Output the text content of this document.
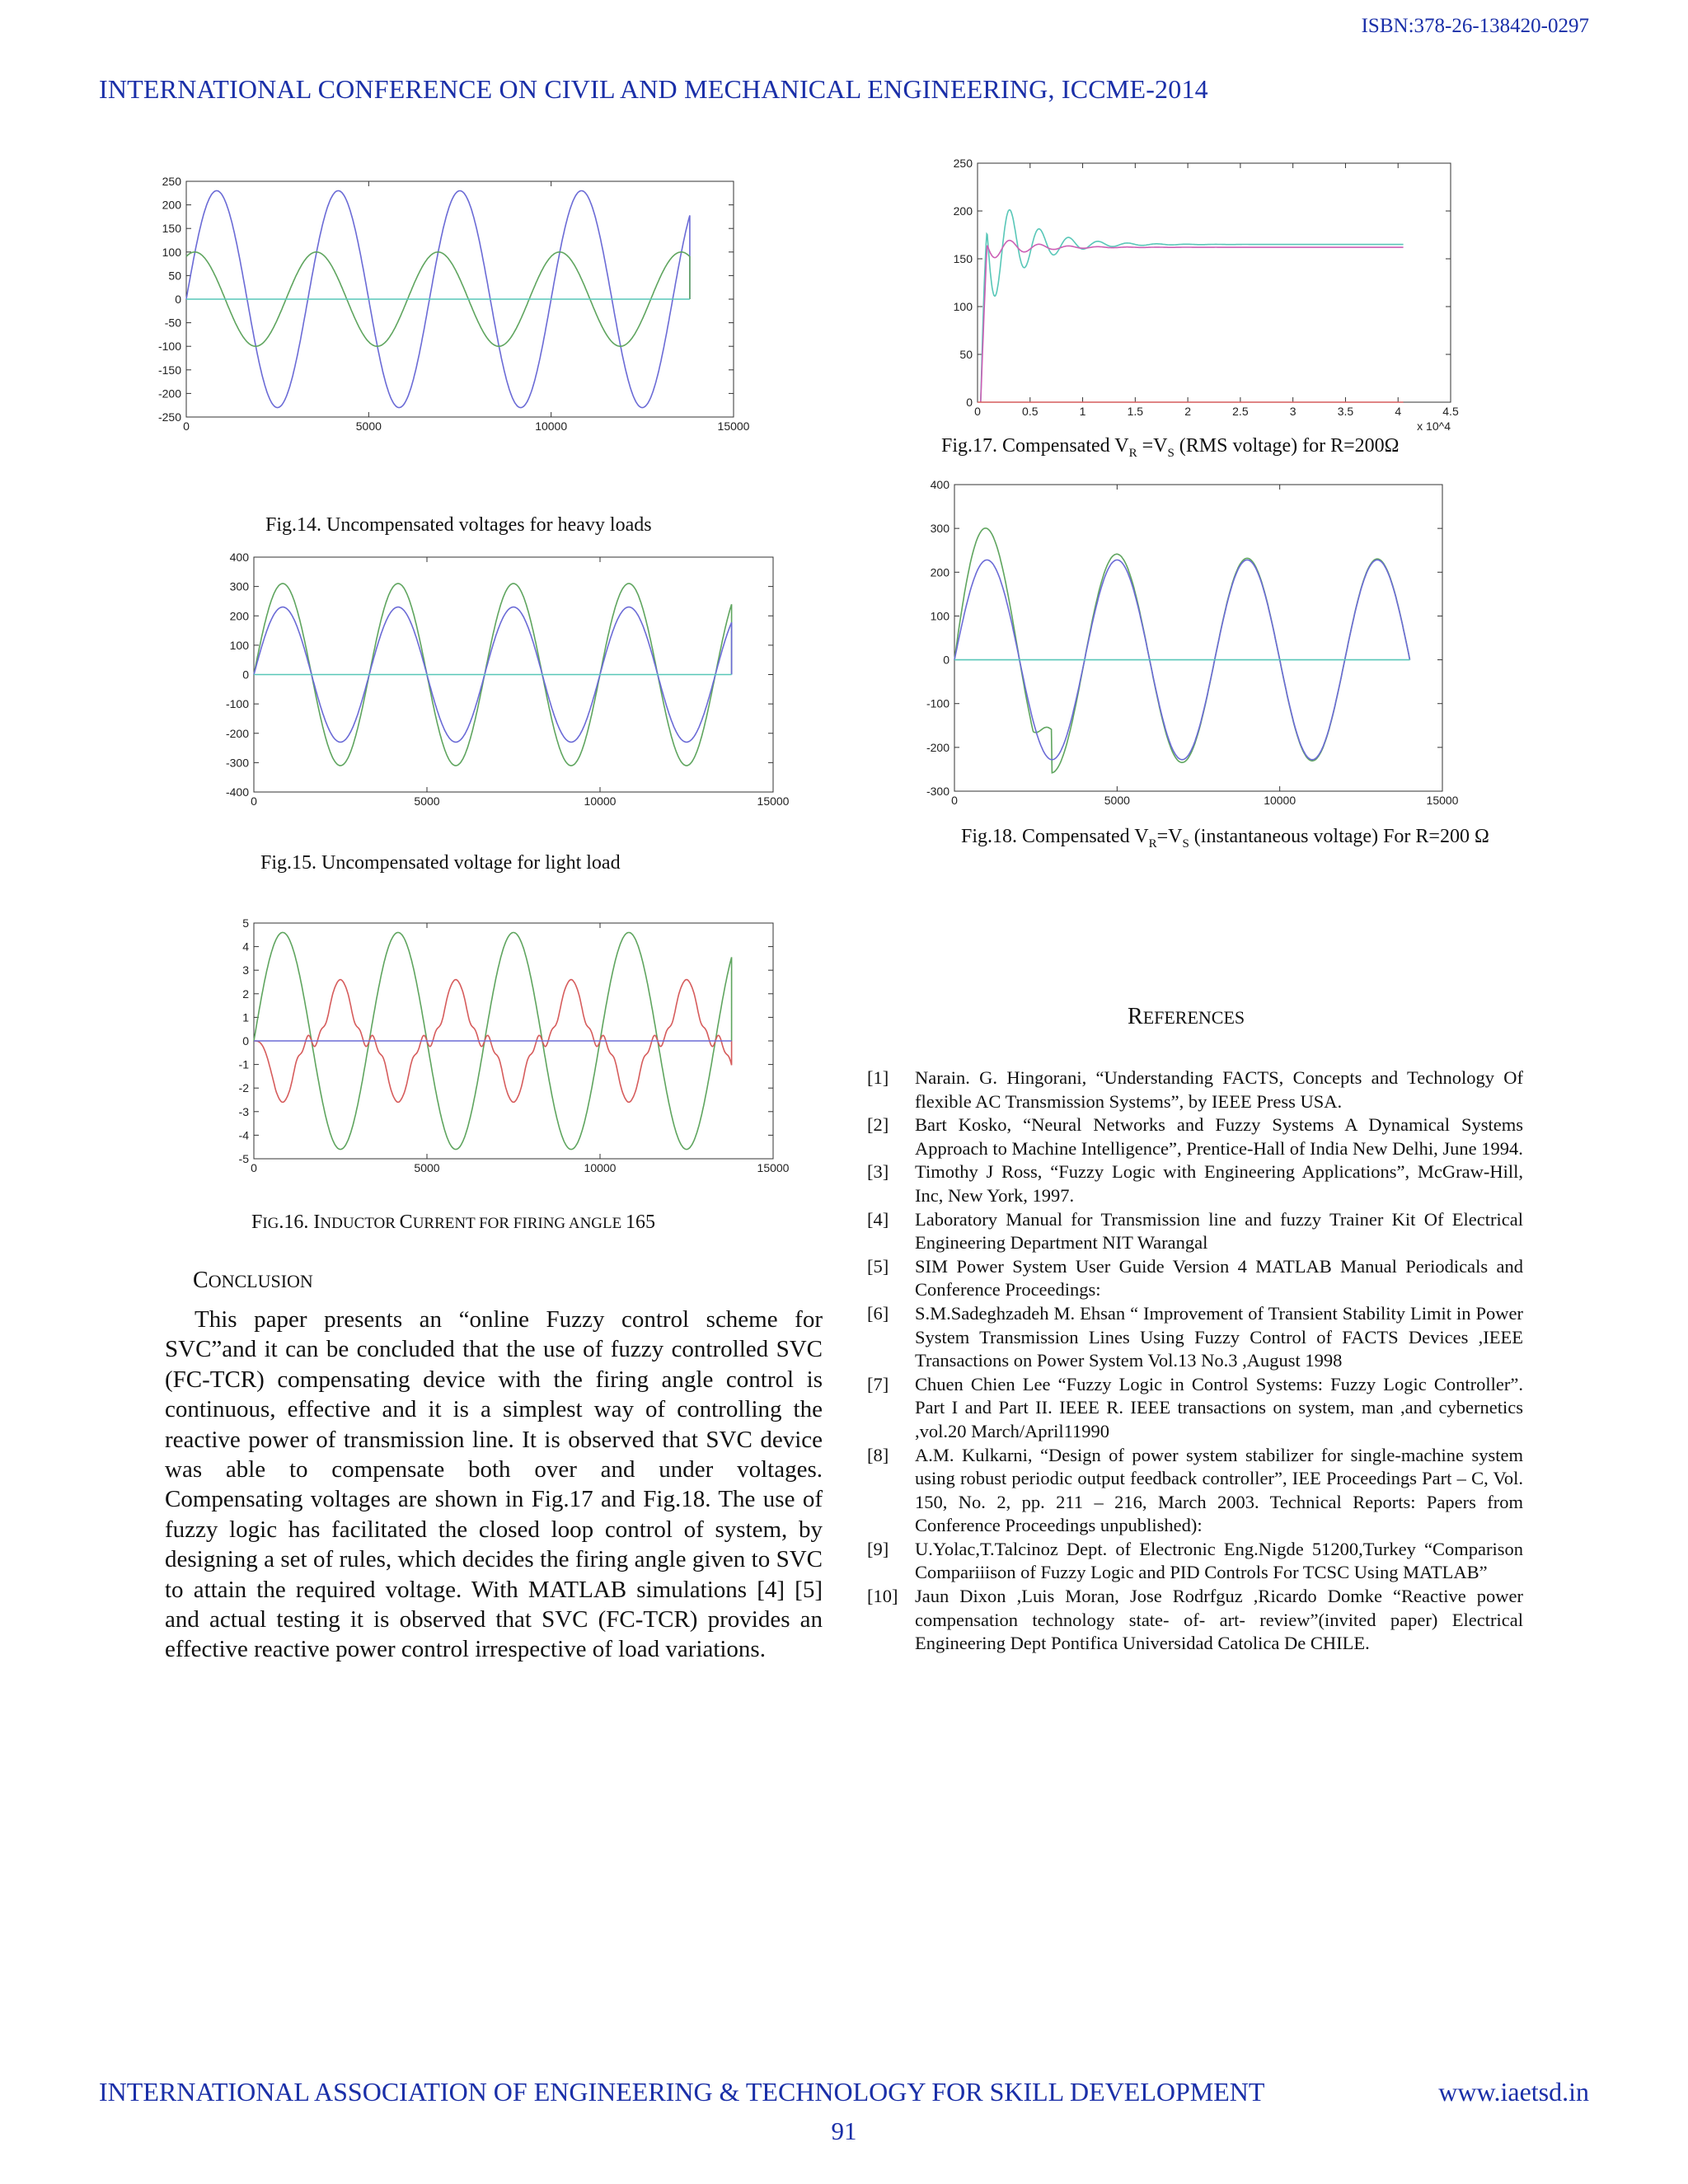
ISBN:378-26-138420-0297
INTERNATIONAL CONFERENCE ON CIVIL AND MECHANICAL ENGINEERING, ICCME-2014
0	5000	10000	15000
250
200
150
100
50
0
-50
-100
-150
-200
-250
Fig.14. Uncompensated voltages for heavy loads
0	5000	10000	15000
400
300
200
100
0
-100
-200
-300
-400
Fig.15. Uncompensated voltage for light load
0	5000	10000	15000
5
4
3
2
1
0
-1
-2
-3
-4
-5
FIG.16. INDUCTOR CURRENT FOR FIRING ANGLE 165
0	0.5	1	1.5	2	2.5	3	3.5	4	4.5
250
200
150
100
50
0
x 10^4
Fig.17. Compensated $V_R =V_S$ (RMS voltage) for R=200Ω
0	5000	10000	15000
400
300
200
100
0
-100
-200
-300
Fig.18. Compensated $V_R=V_S$ (instantaneous voltage) For R=200 Ω
CONCLUSION
This paper presents an “online Fuzzy control scheme for SVC”and it can be concluded that the use of fuzzy controlled SVC (FC-TCR) compensating device with the firing angle control is continuous, effective and it is a simplest way of controlling the reactive power of transmission line. It is observed that SVC device was able to compensate both over and under voltages. Compensating voltages are shown in Fig.17 and Fig.18. The use of fuzzy logic has facilitated the closed loop control of system, by designing a set of rules, which decides the firing angle given to SVC to attain the required voltage. With MATLAB simulations [4] [5] and actual testing it is observed that SVC (FC-TCR) provides an effective reactive power control irrespective of load variations.
REFERENCES
[1]	Narain. G. Hingorani, “Understanding FACTS, Concepts and Technology Of flexible AC Transmission Systems”, by IEEE Press USA.
[2]	Bart Kosko, “Neural Networks and Fuzzy Systems A Dynamical Systems Approach to Machine Intelligence”, Prentice-Hall of India New Delhi, June 1994.
[3]	Timothy J Ross, “Fuzzy Logic with Engineering Applications”, McGraw-Hill, Inc, New York, 1997.
[4]	Laboratory Manual for Transmission line and fuzzy Trainer Kit Of Electrical Engineering Department NIT Warangal
[5]	SIM Power System User Guide Version 4 MATLAB Manual Periodicals and Conference Proceedings:
[6]	S.M.Sadeghzadeh M. Ehsan “ Improvement of Transient Stability Limit in Power System Transmission Lines Using Fuzzy Control of FACTS Devices ,IEEE Transactions on Power System Vol.13 No.3 ,August 1998
[7]	Chuen Chien Lee “Fuzzy Logic in Control Systems: Fuzzy Logic Controller”. Part I and Part II. IEEE R. IEEE transactions on system, man ,and cybernetics ,vol.20 March/April11990
[8]	A.M. Kulkarni, “Design of power system stabilizer for single-machine system using robust periodic output feedback controller”, IEE Proceedings Part – C, Vol. 150, No. 2, pp. 211 – 216, March 2003. Technical Reports: Papers from Conference Proceedings unpublished):
[9]	U.Yolac,T.Talcinoz Dept. of Electronic Eng.Nigde 51200,Turkey “Comparison Compariiison of Fuzzy Logic and PID Controls For TCSC Using MATLAB”
[10] Jaun Dixon ,Luis Moran, Jose Rodrfguz ,Ricardo Domke “Reactive power compensation technology state- of- art- review”(invited paper) Electrical Engineering Dept Pontifica Universidad Catolica De CHILE.
INTERNATIONAL ASSOCIATION OF ENGINEERING & TECHNOLOGY FOR SKILL DEVELOPMENT	www.iaetsd.in
91
